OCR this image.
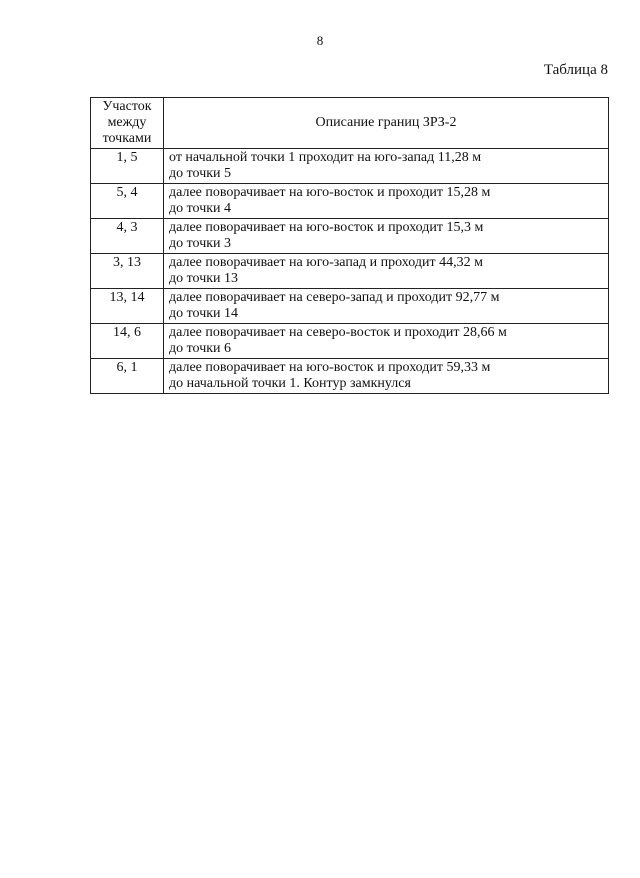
8
Таблица 8
Участок
между
точками	Описание границ ЗРЗ-2
1, 5	от начальной точки 1 проходит на юго-запад 11,28 м
до точки 5

5, 4	далее поворачивает на юго-восток и проходит 15,28 м
до точки 4

4, 3	далее поворачивает на юго-восток и проходит 15,3 м
до точки 3

3, 13	далее поворачивает на юго-запад и проходит 44,32 м
до точки 13

13, 14	далее поворачивает на северо-запад и проходит 92,77 м
до точки 14

14, 6	далее поворачивает на северо-восток и проходит 28,66 м
до точки 6

6, 1	далее поворачивает на юго-восток и проходит 59,33 м
до начальной точки 1. Контур замкнулся
